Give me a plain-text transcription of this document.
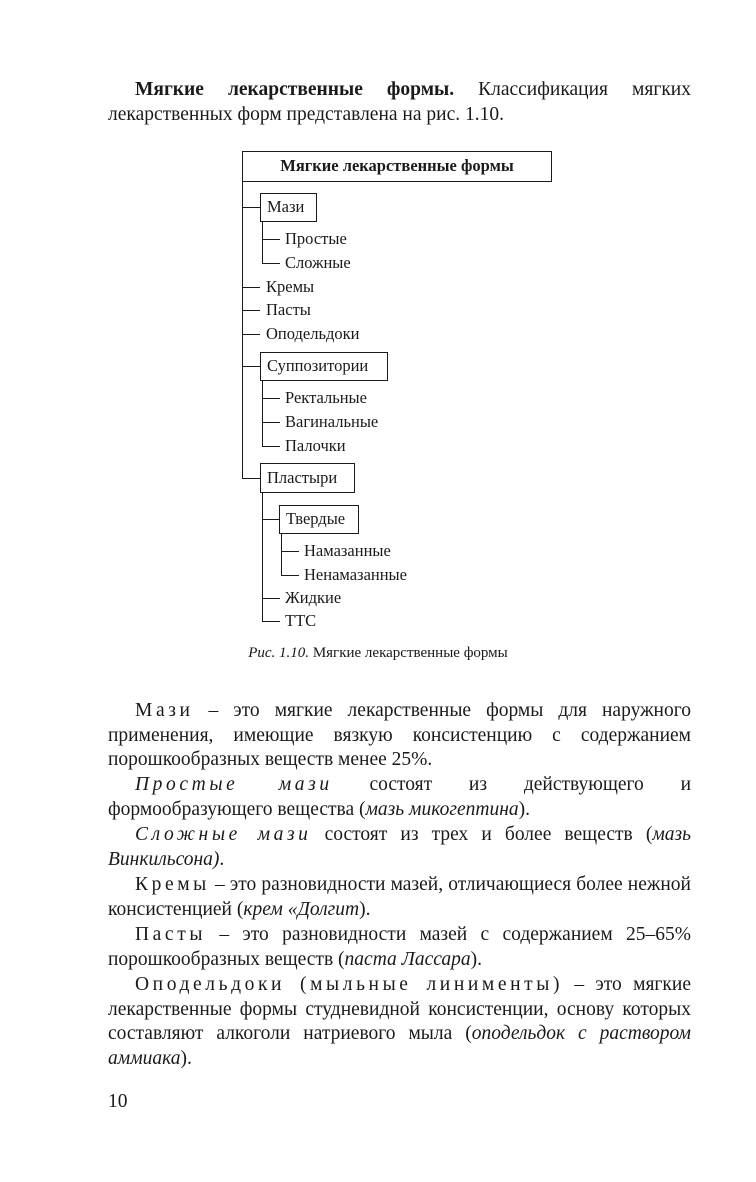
Мягкие лекарственные формы. Классификация мягких лекарственных форм представлена на рис. 1.10.

Мягкие лекарственные формы
Мази
Простые
Сложные
Кремы
Пасты
Оподельдоки
Суппозитории
Ректальные
Вагинальные
Палочки
Пластыри
Твердые
Намазанные
Ненамазанные
Жидкие
ТТС
Рис. 1.10. Мягкие лекарственные формы

Мази – это мягкие лекарственные формы для наружного применения, имеющие вязкую консистенцию с содержанием порошкообразных веществ менее 25%.

Простые мази состоят из действующего и формообразующего вещества (мазь микогептина).

Сложные мази состоят из трех и более веществ (мазь Винкильсона).

Кремы – это разновидности мазей, отличающиеся более нежной консистенцией (крем «Долгит).

Пасты – это разновидности мазей с содержанием 25–65% порошкообразных веществ (паста Лассара).

Оподельдоки (мыльные линименты) – это мягкие лекарственные формы студневидной консистенции, основу которых составляют алкоголи натриевого мыла (оподельдок с раствором аммиака).

10
